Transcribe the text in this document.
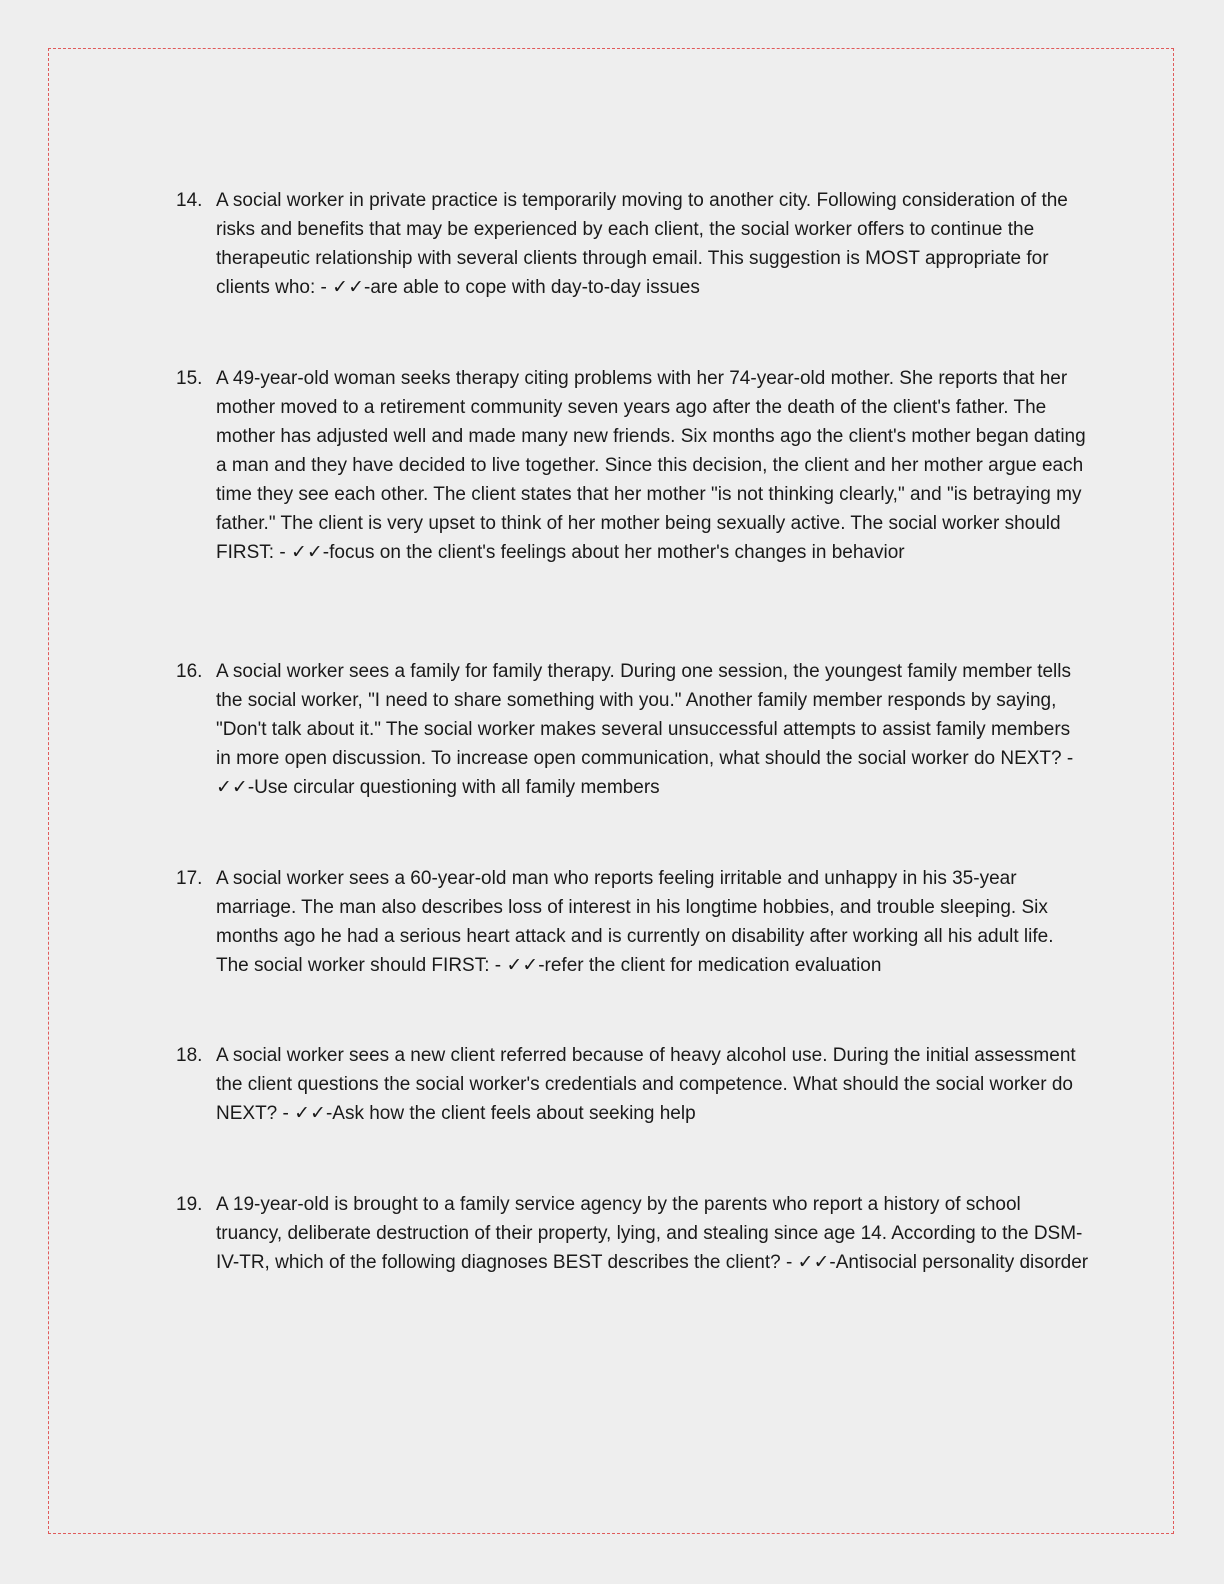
14. A social worker in private practice is temporarily moving to another city. Following consideration of the risks and benefits that may be experienced by each client, the social worker offers to continue the therapeutic relationship with several clients through email. This suggestion is MOST appropriate for clients who: - ✓✓-are able to cope with day-to-day issues
15. A 49-year-old woman seeks therapy citing problems with her 74-year-old mother. She reports that her mother moved to a retirement community seven years ago after the death of the client's father. The mother has adjusted well and made many new friends. Six months ago the client's mother began dating a man and they have decided to live together. Since this decision, the client and her mother argue each time they see each other. The client states that her mother "is not thinking clearly," and "is betraying my father." The client is very upset to think of her mother being sexually active. The social worker should FIRST: - ✓✓-focus on the client's feelings about her mother's changes in behavior
16. A social worker sees a family for family therapy. During one session, the youngest family member tells the social worker, "I need to share something with you." Another family member responds by saying, "Don't talk about it." The social worker makes several unsuccessful attempts to assist family members in more open discussion. To increase open communication, what should the social worker do NEXT? - ✓✓-Use circular questioning with all family members
17. A social worker sees a 60-year-old man who reports feeling irritable and unhappy in his 35-year marriage. The man also describes loss of interest in his longtime hobbies, and trouble sleeping. Six months ago he had a serious heart attack and is currently on disability after working all his adult life. The social worker should FIRST: - ✓✓-refer the client for medication evaluation
18. A social worker sees a new client referred because of heavy alcohol use. During the initial assessment the client questions the social worker's credentials and competence. What should the social worker do NEXT? - ✓✓-Ask how the client feels about seeking help
19. A 19-year-old is brought to a family service agency by the parents who report a history of school truancy, deliberate destruction of their property, lying, and stealing since age 14. According to the DSM-IV-TR, which of the following diagnoses BEST describes the client? - ✓✓-Antisocial personality disorder
